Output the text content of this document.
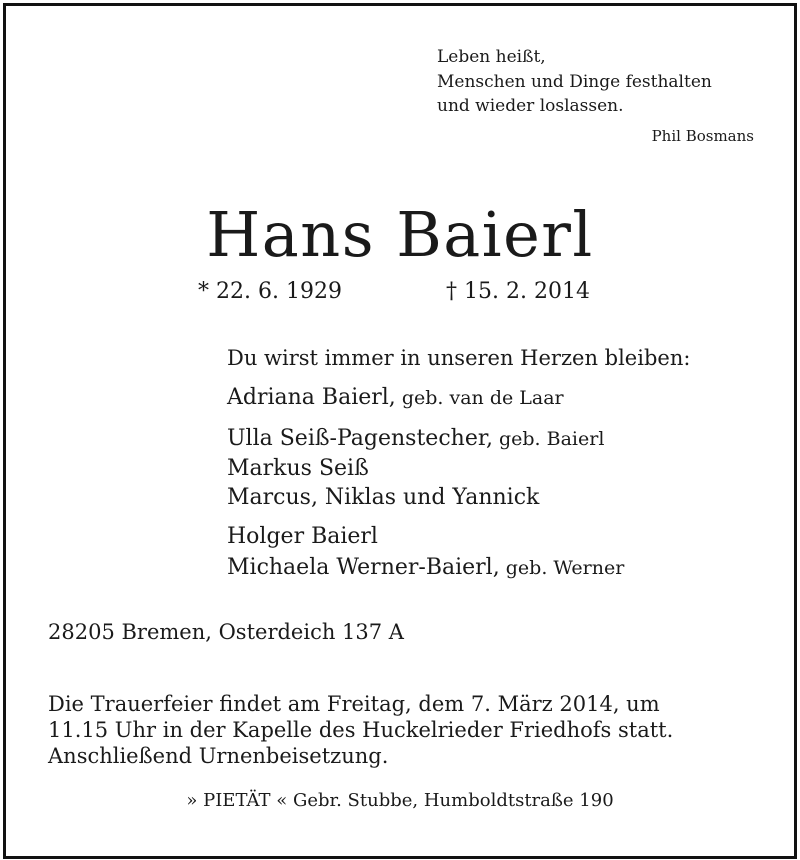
Leben heißt,
Menschen und Dinge festhalten
und wieder loslassen.
Phil Bosmans
Hans Baierl
* 22. 6. 1929	† 15. 2. 2014
Du wirst immer in unseren Herzen bleiben:
Adriana Baierl, geb. van de Laar
Ulla Seiß-Pagenstecher, geb. Baierl
Markus Seiß
Marcus, Niklas und Yannick
Holger Baierl
Michaela Werner-Baierl, geb. Werner
28205 Bremen, Osterdeich 137 A
Die Trauerfeier findet am Freitag, dem 7. März 2014, um
11.15 Uhr in der Kapelle des Huckelrieder Friedhofs statt.
Anschließend Urnenbeisetzung.
» PIETÄT « Gebr. Stubbe, Humboldtstraße 190
